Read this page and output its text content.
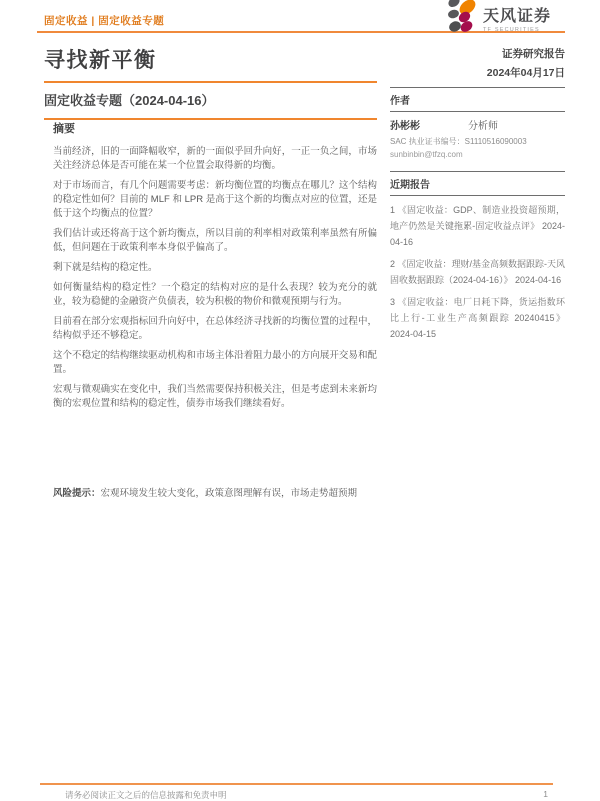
固定收益 | 固定收益专题	天风证券
TF SECURITIES
寻找新平衡
固定收益专题（2024-04-16）
摘要

当前经济，旧的一面降幅收窄，新的一面似乎回升向好，一正一负之间，市场关注经济总体是否可能在某一个位置会取得新的均衡。

对于市场而言，有几个问题需要考虑：新均衡位置的均衡点在哪儿？这个结构的稳定性如何？目前的 MLF 和 LPR 是高于这个新的均衡点对应的位置，还是低于这个均衡点的位置？

我们估计或还将高于这个新均衡点，所以目前的利率相对政策利率虽然有所偏低，但问题在于政策利率本身似乎偏高了。

剩下就是结构的稳定性。

如何衡量结构的稳定性？一个稳定的结构对应的是什么表现？较为充分的就业，较为稳健的金融资产负债表，较为积极的物价和微观预期与行为。

目前看在部分宏观指标回升向好中，在总体经济寻找新的均衡位置的过程中，结构似乎还不够稳定。

这个不稳定的结构继续驱动机构和市场主体沿着阻力最小的方向展开交易和配置。

宏观与微观确实在变化中，我们当然需要保持积极关注，但是考虑到未来新均衡的宏观位置和结构的稳定性，债券市场我们继续看好。

风险提示：宏观环境发生较大变化，政策意图理解有误，市场走势超预期
证券研究报告
2024年04月17日
作者
孙彬彬	分析师
SAC 执业证书编号：S1110516090003
sunbinbin@tfzq.com
近期报告
1 《固定收益：GDP、制造业投资超预期，地产仍然是关键拖累-固定收益点评》 2024-04-16
2 《固定收益：理财/基金高频数据跟踪-天风固收数据跟踪（2024-04-16）》 2024-04-16
3 《固定收益：电厂日耗下降，货运指数环比上行-工业生产高频跟踪 20240415》 2024-04-15
请务必阅读正文之后的信息披露和免责申明	1
